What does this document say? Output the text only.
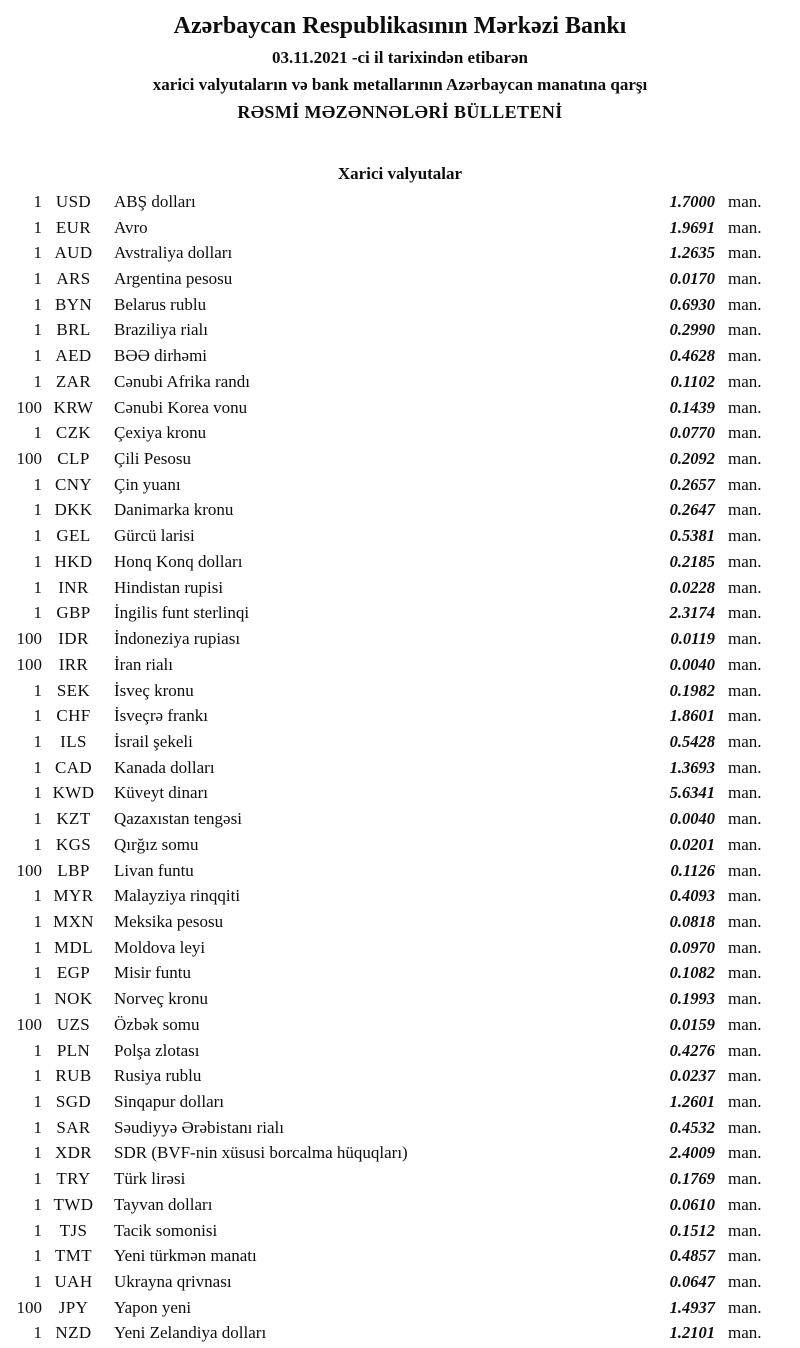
Azərbaycan Respublikasının Mərkəzi Bankı
03.11.2021 -ci il tarixindən etibarən
xarici valyutaların və bank metallarının Azərbaycan manatına qarşı
RƏSMİ MƏZƏNNƏLƏRİ BÜLLETENİ
Xarici valyutalar
1 USD	ABŞ dolları	1.7000 man.
1 EUR	Avro	1.9691 man.
1 AUD	Avstraliya dolları	1.2635 man.
1 ARS	Argentina pesosu	0.0170 man.
1 BYN	Belarus rublu	0.6930 man.
1 BRL	Braziliya rialı	0.2990 man.
1 AED	BƏƏ dirhəmi	0.4628 man.
1 ZAR	Cənubi Afrika randı	0.1102 man.
100 KRW	Cənubi Korea vonu	0.1439 man.
1 CZK	Çexiya kronu	0.0770 man.
100 CLP	Çili Pesosu	0.2092 man.
1 CNY	Çin yuanı	0.2657 man.
1 DKK	Danimarka kronu	0.2647 man.
1 GEL	Gürcü larisi	0.5381 man.
1 HKD	Honq Konq dolları	0.2185 man.
1 INR	Hindistan rupisi	0.0228 man.
1 GBP	İngilis funt sterlinqi	2.3174 man.
100 IDR	İndoneziya rupiası	0.0119 man.
100 IRR	İran rialı	0.0040 man.
1 SEK	İsveç kronu	0.1982 man.
1 CHF	İsveçrə frankı	1.8601 man.
1	ILS	İsrail şekeli	0.5428 man.
1 CAD	Kanada dolları	1.3693 man.
1 KWD	Küveyt dinarı	5.6341 man.
1 KZT	Qazaxıstan tengəsi	0.0040 man.
1 KGS	Qırğız somu	0.0201 man.
100 LBP	Livan funtu	0.1126 man.
1 MYR	Malayziya rinqqiti	0.4093 man.
1 MXN	Meksika pesosu	0.0818 man.
1 MDL	Moldova leyi	0.0970 man.
1 EGP	Misir funtu	0.1082 man.
1 NOK	Norveç kronu	0.1993 man.
100 UZS	Özbək somu	0.0159 man.
1 PLN	Polşa zlotası	0.4276 man.
1 RUB	Rusiya rublu	0.0237 man.
1 SGD	Sinqapur dolları	1.2601 man.
1 SAR	Səudiyyə Ərəbistanı rialı	0.4532 man.
1 XDR	SDR (BVF-nin xüsusi borcalma hüquqları)	2.4009 man.
1 TRY	Türk lirəsi	0.1769 man.
1 TWD	Tayvan dolları	0.0610 man.
1	TJS	Tacik somonisi	0.1512 man.
1 TMT	Yeni türkmən manatı	0.4857 man.
1 UAH	Ukrayna qrivnası	0.0647 man.
100 JPY	Yapon yeni	1.4937 man.
1 NZD	Yeni Zelandiya dolları	1.2101 man.
